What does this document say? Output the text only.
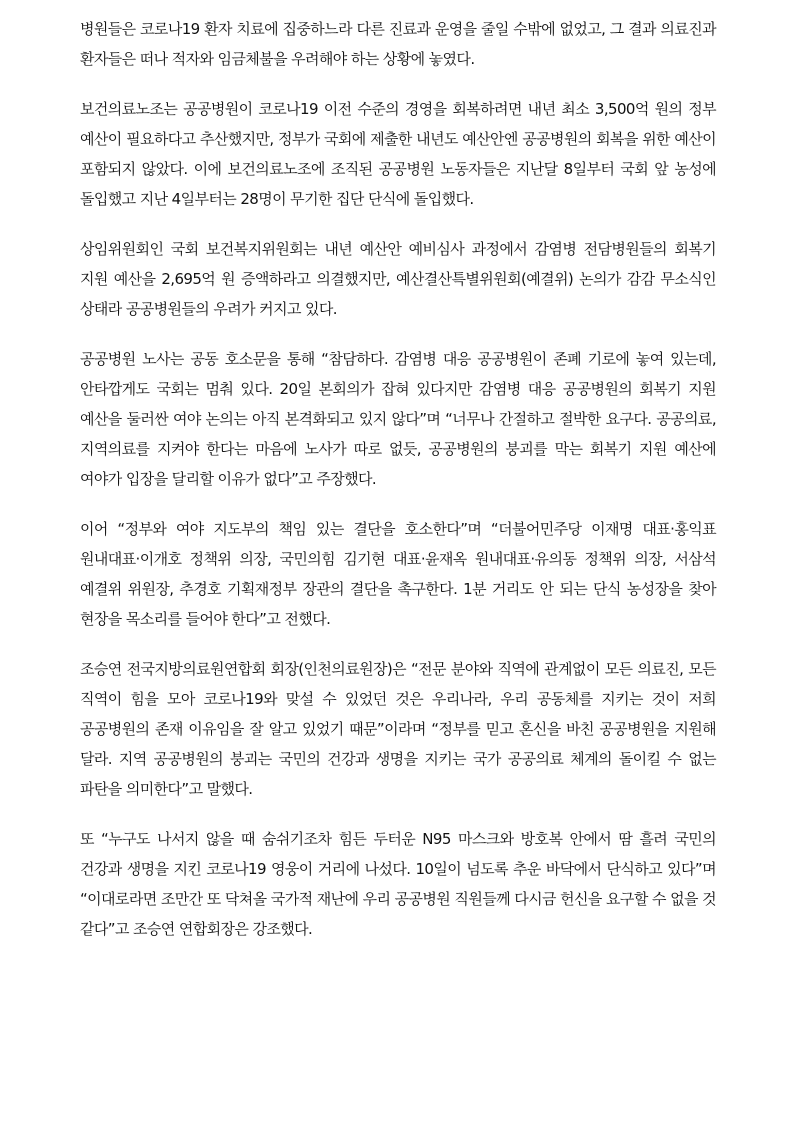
병원들은 코로나19 환자 치료에 집중하느라 다른 진료과 운영을 줄일 수밖에 없었고, 그 결과 의료진과 환자들은 떠나 적자와 임금체불을 우려해야 하는 상황에 놓였다.

보건의료노조는 공공병원이 코로나19 이전 수준의 경영을 회복하려면 내년 최소 3,500억 원의 정부 예산이 필요하다고 추산했지만, 정부가 국회에 제출한 내년도 예산안엔 공공병원의 회복을 위한 예산이 포함되지 않았다. 이에 보건의료노조에 조직된 공공병원 노동자들은 지난달 8일부터 국회 앞 농성에 돌입했고 지난 4일부터는 28명이 무기한 집단 단식에 돌입했다.

상임위원회인 국회 보건복지위원회는 내년 예산안 예비심사 과정에서 감염병 전담병원들의 회복기 지원 예산을 2,695억 원 증액하라고 의결했지만, 예산결산특별위원회(예결위) 논의가 감감 무소식인 상태라 공공병원들의 우려가 커지고 있다.

공공병원 노사는 공동 호소문을 통해 “참담하다. 감염병 대응 공공병원이 존폐 기로에 놓여 있는데, 안타깝게도 국회는 멈춰 있다. 20일 본회의가 잡혀 있다지만 감염병 대응 공공병원의 회복기 지원 예산을 둘러싼 여야 논의는 아직 본격화되고 있지 않다”며 “너무나 간절하고 절박한 요구다. 공공의료, 지역의료를 지켜야 한다는 마음에 노사가 따로 없듯, 공공병원의 붕괴를 막는 회복기 지원 예산에 여야가 입장을 달리할 이유가 없다”고 주장했다.

이어 “정부와 여야 지도부의 책임 있는 결단을 호소한다”며 “더불어민주당 이재명 대표·홍익표 원내대표·이개호 정책위 의장, 국민의힘 김기현 대표·윤재옥 원내대표·유의동 정책위 의장, 서삼석 예결위 위원장, 추경호 기획재정부 장관의 결단을 촉구한다. 1분 거리도 안 되는 단식 농성장을 찾아 현장을 목소리를 들어야 한다”고 전했다.

조승연 전국지방의료원연합회 회장(인천의료원장)은 “전문 분야와 직역에 관계없이 모든 의료진, 모든 직역이 힘을 모아 코로나19와 맞설 수 있었던 것은 우리나라, 우리 공동체를 지키는 것이 저희 공공병원의 존재 이유임을 잘 알고 있었기 때문”이라며 “정부를 믿고 혼신을 바친 공공병원을 지원해 달라. 지역 공공병원의 붕괴는 국민의 건강과 생명을 지키는 국가 공공의료 체계의 돌이킬 수 없는 파탄을 의미한다”고 말했다.

또 “누구도 나서지 않을 때 숨쉬기조차 힘든 두터운 N95 마스크와 방호복 안에서 땀 흘려 국민의 건강과 생명을 지킨 코로나19 영웅이 거리에 나섰다. 10일이 넘도록 추운 바닥에서 단식하고 있다”며 “이대로라면 조만간 또 닥쳐올 국가적 재난에 우리 공공병원 직원들께 다시금 헌신을 요구할 수 없을 것 같다”고 조승연 연합회장은 강조했다.
